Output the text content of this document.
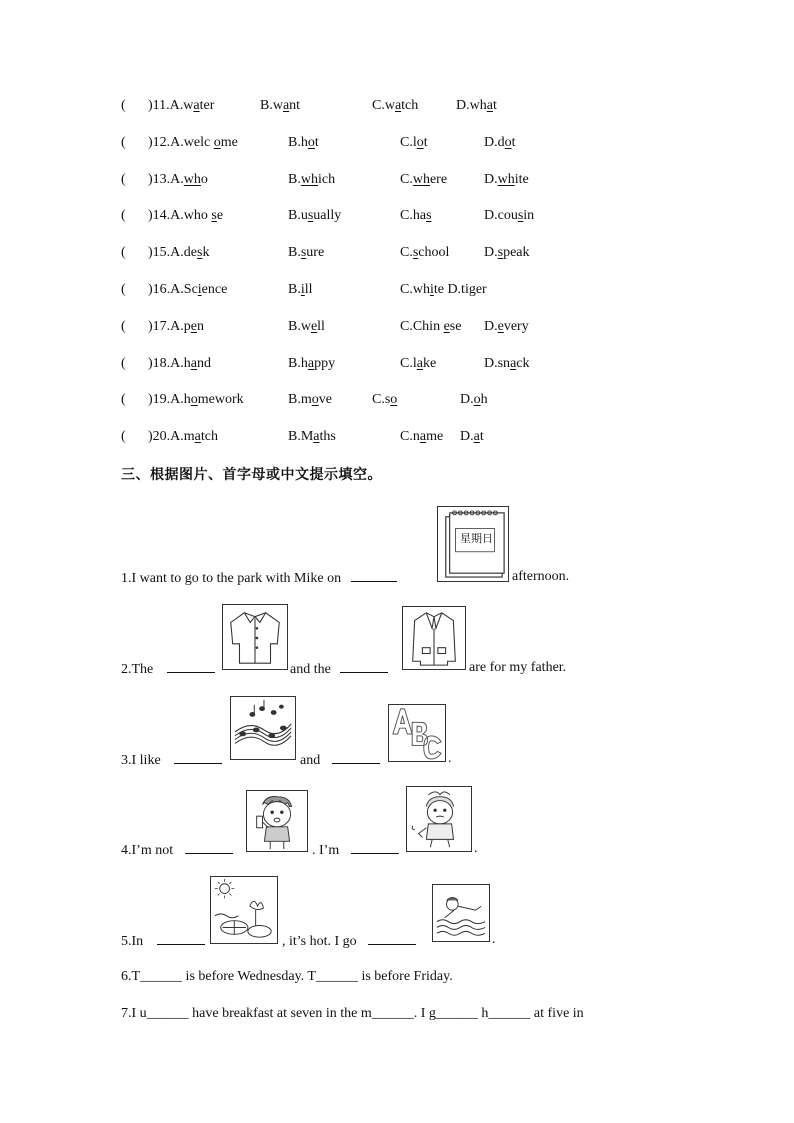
( )11.A.water	B.want	C.watch	D.what
( )12.A.welc ome	B.hot	C.lot	D.dot
( )13.A.who	B.which	C.where	D.white
( )14.A.who se	B.usually	C.has	D.cousin
( )15.A.desk	B.sure	C.school D.speak
( )16.A.Science	B.ill	C.white D.tiger
( )17.A.pen	B.well	C.Chin ese D.every
( )18.A.hand	B.happy	C.lake	D.snack
( )19.A.homework	B.move	C.so	D.oh
( )20.A.match	B.Maths	C.name D.at
三、根据图片、首字母或中文提示填空。
1.I want to go to the park with Mike on
星期日
afternoon.
2.The	and the	are for my father.
3.I like	and	.
4.I’m not	. I’m	.
5.In	, it’s hot. I go	.
6.T______ is before Wednesday. T______ is before Friday.
7.I u______ have breakfast at seven in the m______. I g______ h______ at five in
